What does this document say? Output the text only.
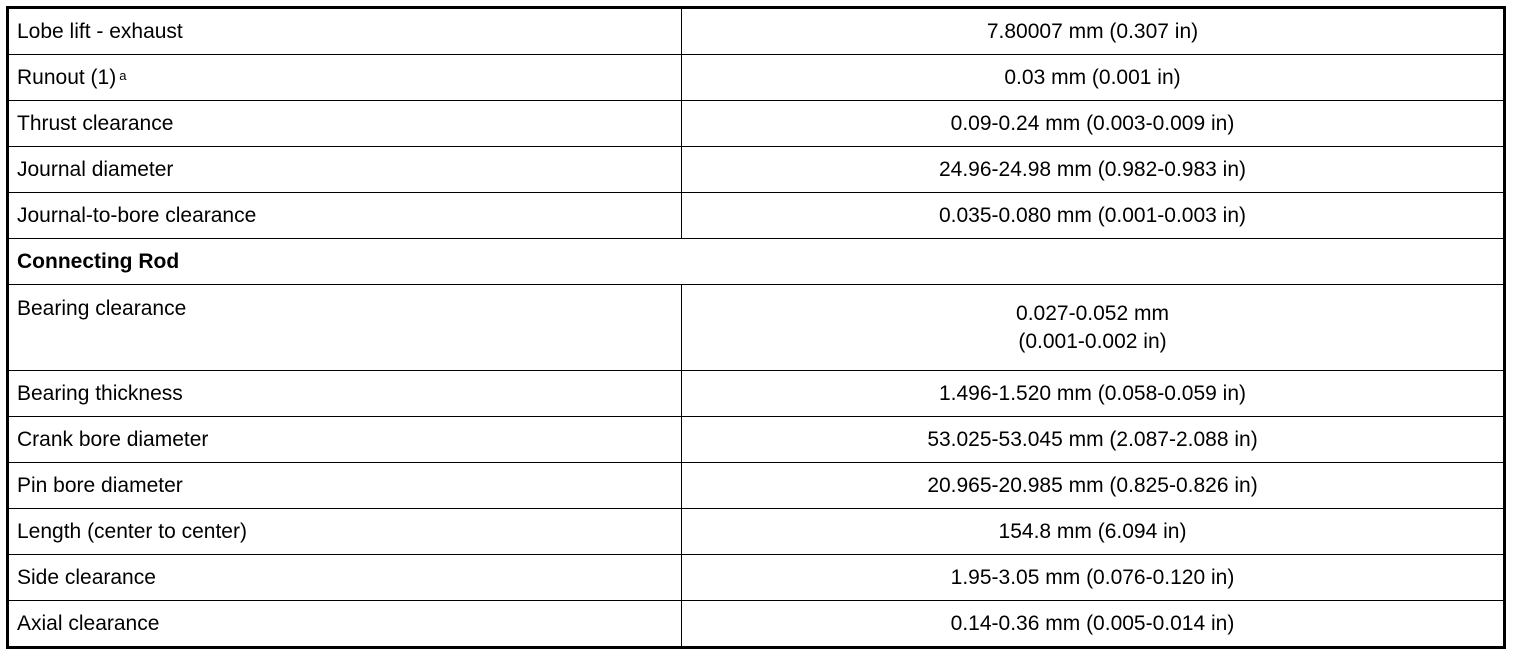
Lobe lift - exhaust	7.80007 mm (0.307 in)
Runout (1) $^a$	0.03 mm (0.001 in)
Thrust clearance	0.09-0.24 mm (0.003-0.009 in)
Journal diameter	24.96-24.98 mm (0.982-0.983 in)
Journal-to-bore clearance	0.035-0.080 mm (0.001-0.003 in)
Connecting Rod	
Bearing clearance	0.027-0.052 mm
(0.001-0.002 in)

Bearing thickness	1.496-1.520 mm (0.058-0.059 in)
Crank bore diameter	53.025-53.045 mm (2.087-2.088 in)
Pin bore diameter	20.965-20.985 mm (0.825-0.826 in)
Length (center to center)	154.8 mm (6.094 in)
Side clearance	1.95-3.05 mm (0.076-0.120 in)
Axial clearance	0.14-0.36 mm (0.005-0.014 in)
